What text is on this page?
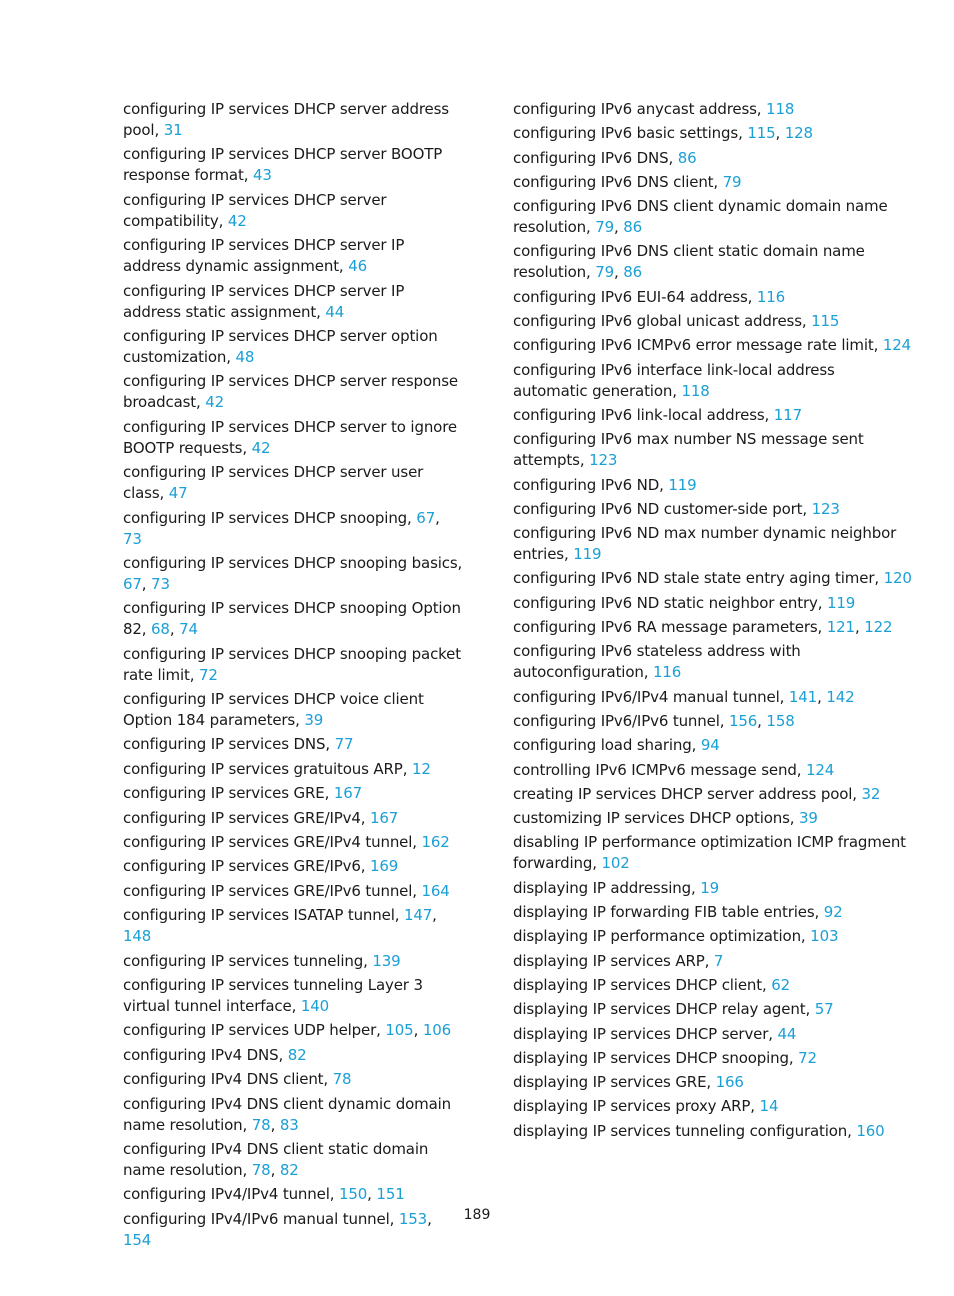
configuring IP services DHCP server address pool, 31
configuring IP services DHCP server BOOTP response format, 43
configuring IP services DHCP server compatibility, 42
configuring IP services DHCP server IP address dynamic assignment, 46
configuring IP services DHCP server IP address static assignment, 44
configuring IP services DHCP server option customization, 48
configuring IP services DHCP server response broadcast, 42
configuring IP services DHCP server to ignore BOOTP requests, 42
configuring IP services DHCP server user class, 47
configuring IP services DHCP snooping, 67, 73
configuring IP services DHCP snooping basics, 67, 73
configuring IP services DHCP snooping Option 82, 68, 74
configuring IP services DHCP snooping packet rate limit, 72
configuring IP services DHCP voice client Option 184 parameters, 39
configuring IP services DNS, 77
configuring IP services gratuitous ARP, 12
configuring IP services GRE, 167
configuring IP services GRE/IPv4, 167
configuring IP services GRE/IPv4 tunnel, 162
configuring IP services GRE/IPv6, 169
configuring IP services GRE/IPv6 tunnel, 164
configuring IP services ISATAP tunnel, 147, 148
configuring IP services tunneling, 139
configuring IP services tunneling Layer 3 virtual tunnel interface, 140
configuring IP services UDP helper, 105, 106
configuring IPv4 DNS, 82
configuring IPv4 DNS client, 78
configuring IPv4 DNS client dynamic domain name resolution, 78, 83
configuring IPv4 DNS client static domain name resolution, 78, 82
configuring IPv4/IPv4 tunnel, 150, 151
configuring IPv4/IPv6 manual tunnel, 153, 154
configuring IPv6 anycast address, 118
configuring IPv6 basic settings, 115, 128
configuring IPv6 DNS, 86
configuring IPv6 DNS client, 79
configuring IPv6 DNS client dynamic domain name resolution, 79, 86
configuring IPv6 DNS client static domain name resolution, 79, 86
configuring IPv6 EUI-64 address, 116
configuring IPv6 global unicast address, 115
configuring IPv6 ICMPv6 error message rate limit, 124
configuring IPv6 interface link-local address automatic generation, 118
configuring IPv6 link-local address, 117
configuring IPv6 max number NS message sent attempts, 123
configuring IPv6 ND, 119
configuring IPv6 ND customer-side port, 123
configuring IPv6 ND max number dynamic neighbor entries, 119
configuring IPv6 ND stale state entry aging timer, 120
configuring IPv6 ND static neighbor entry, 119
configuring IPv6 RA message parameters, 121, 122
configuring IPv6 stateless address with autoconfiguration, 116
configuring IPv6/IPv4 manual tunnel, 141, 142
configuring IPv6/IPv6 tunnel, 156, 158
configuring load sharing, 94
controlling IPv6 ICMPv6 message send, 124
creating IP services DHCP server address pool, 32
customizing IP services DHCP options, 39
disabling IP performance optimization ICMP fragment forwarding, 102
displaying IP addressing, 19
displaying IP forwarding FIB table entries, 92
displaying IP performance optimization, 103
displaying IP services ARP, 7
displaying IP services DHCP client, 62
displaying IP services DHCP relay agent, 57
displaying IP services DHCP server, 44
displaying IP services DHCP snooping, 72
displaying IP services GRE, 166
displaying IP services proxy ARP, 14
displaying IP services tunneling configuration, 160
189
